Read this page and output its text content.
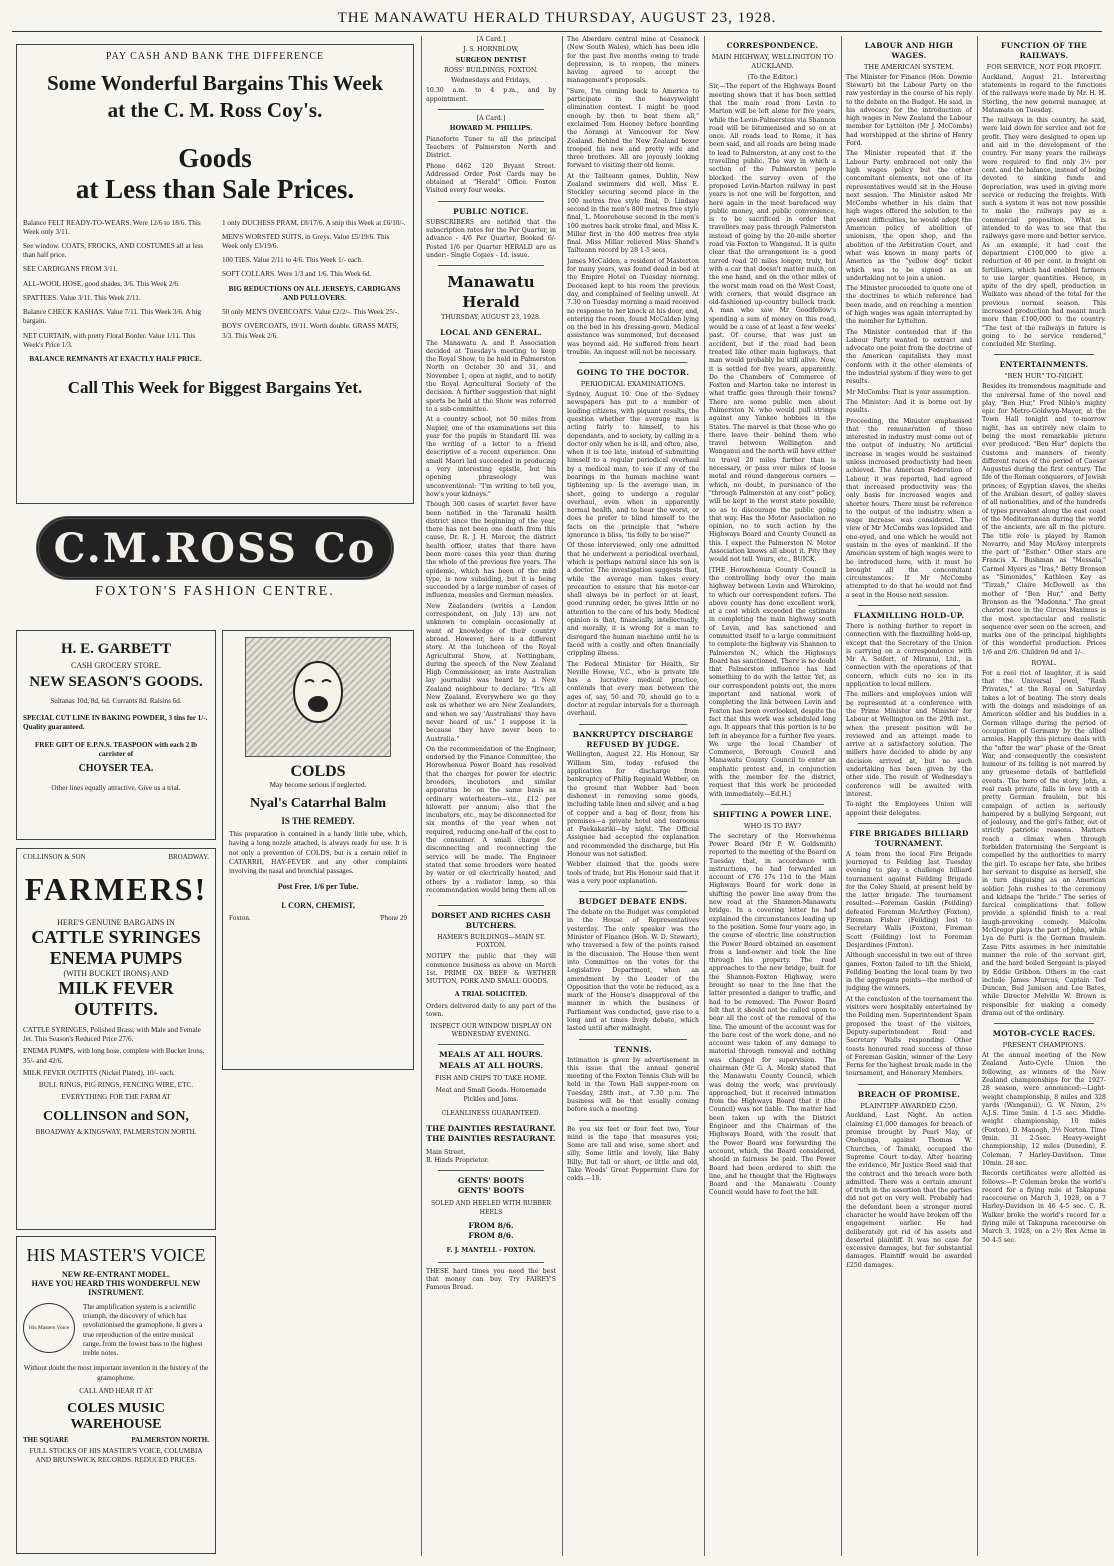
THE MANAWATU HERALD THURSDAY, AUGUST 23, 1928.
PAY CASH AND BANK THE DIFFERENCE
Some Wonderful Bargains This Week at the C. M. Ross Coy's.
Goods
at Less than Sale Prices.

Balance FELT READY-TO-WEARS. Were 12/6 to 18/6. This Week only 3/11.

See window. COATS, FROCKS, AND COSTUMES all at less than half price.

SEE CARDIGANS FROM 3/11.

ALL-WOOL HOSE, good shades, 3/6. This Week 2/6.

SPATTEES. Value 3/11. This Week 2/11.

Balance CHECK KASHAS. Value 7/11. This Week 3/6. A big bargain.

NET CURTAIN, with pretty Floral Border. Value 1/11. This Week's Price 1/3.

BALANCE REMNANTS AT EXACTLY HALF PRICE.

1 only DUCHESS PRAM, £8/17/6. A snip this Week at £6/10/-.

MEN'S WORSTED SUITS, in Greys. Value £5/19/6. This Week only £3/19/6.

100 TIES. Value 2/11 to 4/6. This Week 1/- each.

SOFT COLLARS. Were 1/3 and 1/6. This Week 6d.

BIG REDUCTIONS ON ALL JERSEYS, CARDIGANS AND PULLOVERS.

50 only MEN'S OVERCOATS. Value £2/2/-. This Week 25/-.

BOYS' OVERCOATS, 19/11. Worth double. GRASS MATS, 3/3. This Week 2/6.

Call This Week for Biggest Bargains Yet.
C.M.ROSS Co
FOXTON'S FASHION CENTRE.
H. E. GARBETT
CASH GROCERY STORE.
NEW SEASON'S GOODS.

Sultanas 10d, 8d, 6d. Currants 8d. Raisins 6d.

SPECIAL CUT LINE IN BAKING POWDER, 3 tins for 1/-. Quality guaranteed.

FREE GIFT OF E.P.N.S. TEASPOON with each 2 lb carrister of

CHOYSER TEA.

Other lines equally attractive. Give us a trial.

COLDS
May become serious if neglected.
Nyal's Catarrhal Balm
IS THE REMEDY.

This preparation is contained in a handy little tube, which, having a long nozzle attached, is always ready for use. It is not only a prevention of COLDS, but is a certain relief in CATARRH, HAY-FEVER and any other complaints involving the nasal and bronchial passages.

Post Free. 1/6 per Tube.
I. CORN, CHEMIST,
Foxton.	'Phone 29
COLLINSON & SON	BROADWAY.
FARMERS!
HERE'S GENUINE BARGAINS IN
CATTLE SYRINGES
ENEMA PUMPS
(WITH BUCKET IRONS) AND
MILK FEVER OUTFITS.

CATTLE SYRINGES, Polished Brass, with Male and Female Jet. This Season's Reduced Price 27/6.

ENEMA PUMPS, with long hose, complete with Bucket Irons, 35/- and 42/6.

MILK FEVER OUTFITS (Nickel Plated), 10/- each.

BULL RINGS, PIG RINGS, FENCING WIRE, ETC.

EVERYTHING FOR THE FARM AT

COLLINSON and SON,
BROADWAY & KINGSWAY, PALMERSTON NORTH.
HIS MASTER'S VOICE
NEW RE-ENTRANT MODEL.
HAVE YOU HEARD THIS WONDERFUL NEW INSTRUMENT.
His Masters Voice

The amplification system is a scientific triumph, the discovery of which has revolutionised the gramophone. It gives a true reproduction of the entire musical range, from the lowest bass to the highest treble notes.

Without doubt the most important invention in the history of the gramophone.

CALL AND HEAR IT AT
COLES MUSIC WAREHOUSE
THE SQUARE	PALMERSTON NORTH.

FULL STOCKS OF HIS MASTER'S VOICE, COLUMBIA AND BRUNSWICK RECORDS. REDUCED PRICES.

[A Card.]

J. S. HORNBLOW,

SURGEON DENTIST

ROSS' BUILDINGS, FOXTON.

Wednesdays and Fridays,

10.30 a.m. to 4 p.m., and by appointment.

[A Card.]

HOWARD M. PHILLIPS.

Pianoforte Tuner to all the principal Teachers of Palmerston North and District.

Phone 6462 120 Bryant Street. Addressed Order Post Cards may be obtained at "Herald" Office. Foxton Visited every four weeks.

PUBLIC NOTICE.

SUBSCRIBERS are notified that the subscription rates for the Per Quarter, in advance - 4/6 Per Quarter, Booked 6/- Posted 1/6 per Quarter HERALD are as under:- Single Copies - 1d. issue.

Manawatu Herald

THURSDAY, AUGUST 23, 1928.

LOCAL AND GENERAL.

The Manawatu A. and P. Association decided at Tuesday's meeting to keep the Royal Show, to be held in Palmerston North on October 30 and 31, and November 1, open at night, and to notify the Royal Agricultural Society of the decision. A further suggestion that night sports be held at the Show was referred to a sub-committee.

At a country school, not 50 miles from Napier, one of the examinations set this year for the pupils in Standard III. was the writing of a letter to a friend descriptive of a recent experience. One small Maori lad succeeded in producing a very interesting epistle, but his opening phraseology was unconventional: "I'm writing to tell you, how's your kidneys."

Though 300 cases of scarlet fever have been notified in the Taranaki health district since the beginning of the year, there has not been one death from this cause, Dr. R. J. H. Mercer, the district health officer, states that there have been more cases this year than during the whole of the previous five years. The epidemic, which has been of the mild type, is now subsiding, but it is being succeeded by a large number of cases of influenza, measles and German measles.

New Zealanders (writes a London correspondent, on July 13) are not unknown to complain occasionally at want of knowledge of their country abroad. However, here is a different story. At the luncheon of the Royal Agricultural Show, at Nottingham, during the speech of the New Zealand High Commissioner, an irate Australian lay journalist was heard by a New Zealand neighbour to declare: "It's all New Zealand. Everywhere we go they ask us whether we are New Zealanders, and when we say 'Australians' they have never heard of us." I suppose it is because they have never been to Australia."

On the recommendation of the Engineer, endorsed by the Finance Committee, the Horowhenua Power Board has resolved that the charges for power for electric brooders, incubators and similar apparatus be on the same basis as ordinary waterheaters—viz., £12 per kilowatt per annum; also that the incubators, etc., may be disconnected for six months of the year when not required, reducing one-half of the cost to the consumer. A small charge for disconnecting and reconnecting the service will be made. The Engineer stated that some brooders were heated by water or oil electrically heated, and others by a radiator lamp, so this recommendation would bring them all on

DORSET AND RICHES CASH BUTCHERS.
HAMER'S BUILDINGS—MAIN ST. FOXTON.

NOTIFY the public that they will commence business as above on March 1st. PRIME OX BEEF & WETHER MUTTON, PORK AND SMALL GOODS.

A TRIAL SOLICITED.

Orders delivered daily to any part of the town.

INSPECT OUR WINDOW DISPLAY ON WEDNESDAY EVENING.
MEALS AT ALL HOURS.
MEALS AT ALL HOURS.
FISH AND CHIPS TO TAKE HOME.
Meat and Small Goods. Homemade Pickles and Jams.
CLEANLINESS GUARANTEED.
THE DAINTIES RESTAURANT.
THE DAINTIES RESTAURANT.
Main Street.
B. Hinds Proprietor.
GENTS' BOOTS
GENTS' BOOTS
SOLED AND HEELED WITH RUBBER HEELS
FROM 8/6.
FROM 8/6.
F. J. MANTELL - FOXTON.

THESE hard times you need the best that money can buy. Try FAIREY'S Famous Bread.

The Aberdare central mine at Cessnock (New South Wales), which has been idle for the past five months owing to trade depression, is to reopen, the miners having agreed to accept the management's proposals.

"Sure, I'm coming back to America to participate in the heavyweight elimination contest. I might be good enough by then to beat them all," exclaimed Tom Heeney before boarding the Aorangi at Vancouver for New Zealand. Behind the New Zealand boxer trooped his new and pretty wife and three brothers. All are joyously looking forward to visiting their old home.

At the Tailteann games, Dublin, New Zealand swimmers did well. Miss E. Stockley securing second place in the 100 metres free style final, D. Lindsay second in the men's 800 metres free style final, L. Moorehouse second in the men's 100 metres back stroke final, and Miss K. Millar first in the 400 metres free style final. Miss Millar relieved Miss Shand's Tailteann record by 28 1-5 secs.

James McCalden, a resident of Masterton for many years, was found dead in bed at the Empire Hotel on Tuesday morning. Deceased kept to his room the previous day, and complained of feeling unwell. At 7.30 on Tuesday morning a maid received no response to her knock at his door, and, entering the room, found McCalden lying on the bed in his dressing-gown. Medical assistance was summoned, but deceased was beyond aid. He suffered from heart trouble. An inquest will not be necessary.

GOING TO THE DOCTOR.
PERIODICAL EXAMINATIONS.

Sydney, August 10. One of the Sydney newspapers has put to a number of leading citizens, with piquant results, the question whether the average man is acting fairly to himself, to his dependants, and to society, by calling in a doctor only when he is ill, and often, also, when it is too late, instead of submitting himself to a regular periodical overhaul by a medical man, to see if any of the bearings in the human machine want tightening up. Is the average man, in short, going to undergo a regular overhaul, even when in apparently normal health, and to hear the worst, or does he prefer to blind himself to the facts on the principle that "where ignorance is bliss, 'tis folly to be wise?"

Of those interviewed, only one admitted that he underwent a periodical overhaul, which is perhaps natural since his son is a doctor. The investigation suggests that, while the average man takes every precaution to ensure that his motor-car shall always be in perfect or at least, good running order, he gives little or no attention to the care of his body. Medical opinion is that, financially, intellectually, and morally, it is wrong for a man to disregard the human machine until he is faced with a costly and often financially crippling illness.

The Federal Minister for Health, Sir Neville Howse, V.C., who is private life has a lucrative medical practice, contends that every man between the ages of, say, 50 and 70, should go to a doctor at regular intervals for a thorough overhaul.

BANKRUPTCY DISCHARGE REFUSED BY JUDGE.

Wellington, August 22. His Honour, Sir William Sim, today refused the application for discharge from bankruptcy of Philip Reginald Webber, on the ground that Webber had been dishonest in removing some goods, including table linen and silver, and a bag of copper and a bag of flour, from his premises—a private hotel and tearooms at Paekakariki—by night. The Official Assignee had accepted the explanation and recommended the discharge, but His Honour was not satisfied.

Webber claimed that the goods were tools of trade, but His Honour said that it was a very poor explanation.

BUDGET DEBATE ENDS.

The debate on the Budget was completed in the House of Representatives yesterday. The only speaker was the Minister of Finance (Hon. W. D. Stewart), who traversed a few of the points raised in the discussion. The House then went into Committee on the votes for the Legislative Department, when an amendment by the Leader of the Opposition that the vote be reduced, as a mark of the House's disapproval of the manner in which the business of Parliament was conducted, gave rise to a long and at times lively debate, which lasted until after midnight.

TENNIS.

Intimation is given by advertisement in this issue that the annual general meeting of the Foxton Tennis Club will be held in the Town Hall supper-room on Tuesday, 28th inst., at 7.30 p.m. The business will be that usually coming before such a meeting.

Be you six feet or four feet two, Your mind is the tape that measures you; Some are tall and wise, some short and silly, Some little and lovely, like Baby Billy; But tall or short, or little and old, Take Woods' Great Peppermint Cure for colds.—18.

CORRESPONDENCE.
MAIN HIGHWAY, WELLINGTON TO AUCKLAND.
(To the Editor.)

Sir,—The report of the Highways Board meeting shows that it has been settled that the main road from Levin to Marton will be left alone for five years, while the Levin-Palmerston via Shannon road will be bitumenised and so on at once. All roads lead to Rome, it has been said, and all roads are being made to lead to Palmerston, at any cost to the travelling public. The way in which a section of the Palmerston people blocked the survey even of the proposed Levin-Marton railway in past years is not one will be forgotten, and here again in the most barefaced way public money, and public convenience, is to be sacrificed in order that travellers may pass through Palmerston instead of going by the 20-mile shorter road via Foxton to Wanganui. It is quite clear that the arrangement is: a good tarred road 20 miles longer, truly, but with a car that doesn't matter much, on the one hand, and on the other miles of the worst main road on the West Coast, with corners, that would disgrace an old-fashioned up-country bullock track. A man who saw Mr Goodfellow's spending a sum of money on this road, would be a case of at least a few weeks' past. Of course, that was just an accident, but if the road had been treated like other main highways, that man would probably be still alive. Now, it is settled for five years, apparently. Do the Chambers of Commerce of Foxton and Marton take no interest in what traffic goes through their towns? There are some public men about Palmerston N. who would pull strings against any Yankee hobbies in the States. The marvel is that those who go there leave their behind them who travel between Wellington and Wanganui and the north will have either to travel 20 miles further than is necessary, or pass over miles of loose metal and round dangerous corners —which, no doubt, in pursuance of the "through Palmerston at any cost" policy, will be kept in the worst state possible, so as to discourage the public going that way. Has the Motor Association no opinion, no to such action by the Highways Board and County Council as this. I expect the Palmerston N. Motor Association knows all about it. Pity they would not tell. Yours, etc., BUICK.

[THE Horowhenua County Council is the controlling body over the main highway between Levin and Whirokino, to which our correspondent refers. The above county has done excellent work, at a cost which exceeded the estimate in completing the main highway south of Levin, and has sanctioned and committed itself to a large commitment to complete the highway via Shannon to Palmerston N., which the Highways Board has sanctioned. There is no doubt that Palmerston influence has had something to do with the latter. Yet, as our correspondent points out, the more important and national work of completing the link between Levin and Foxton has been overlooked, despite the fact that this work was scheduled long ago. It appears that this portion is to be left in abeyance for a further five years. We urge the local Chamber of Commerce, Borough Council and Manawatu County Council to enter an emphatic protest and, in conjunction with the member for the district, request that this work be proceeded with immediately.—Ed.H.]

SHIFTING A POWER LINE.
WHO IS TO PAY?

The secretary of the Horowhenua Power Board (Mr P. W. Goldsmith) reported to the meeting of the Board on Tuesday that, in accordance with instructions, he had forwarded an account of £76 17s 11d to the Main Highways Board for work done in shifting the power line away from the new road at the Shannon-Manawatu bridge. In a covering letter he had explained the circumstances leading up to the position. Some four years ago, in the course of electric line construction the Power Board obtained an easement from a land-owner and took the line through his property. The road approaches to the new bridge, built for the Shannon-Foxton Highway, were brought so near to the line that the latter presented a danger to traffic, and had to be removed. The Power Board felt that it should not be called upon to bear all the cost of the removal of the line. The amount of the account was for the bare cost of the work done, and no account was taken of any damage to material through removal and nothing was charged for supervision. The chairman (Mr G. A. Monk) stated that the Manawatu County Council, which was doing the work, was previously approached, but it received intimation from the Highways Board that it (the Council) was not liable. The matter had been taken up with the District Engineer and the Chairman of the Highways Board, with the result that the Power Board was forwarding the account, which, the Board considered, should in fairness be paid. The Power Board had been ordered to shift the line, and he thought that the Highways Board and the Manawatu County Council would have to foot the bill.

LABOUR AND HIGH WAGES.
THE AMERICAN SYSTEM.

The Minister for Finance (Hon. Downie Stewart) bit the Labour Party on the raw yesterday in the course of his reply to the debate on the Budget. He said, in his advocacy for the introduction of high wages in New Zealand the Labour member for Lyttelton (Mr J. McCombs) had worshipped at the shrine of Henry Ford.

The Minister repeated that if the Labour Party embraced not only the high wages policy but the other concomitant elements, not one of its representatives would sit in the House next session. The Minister asked Mr McCombs whether in his claim that high wages offered the solution to the present difficulties, he would adopt the American policy of abolition of unionism, the open shop, and the abolition of the Arbitration Court, and what was known in many parts of America as the "yellow dog" ticket which was to be signed as an undertaking not to join a union.

The Minister proceeded to quote one of the doctrines to which reference had been made, and on reaching a mention of high wages was again interrupted by the member for Lyttelton.

The Minister contended that if the Labour Party wanted to extract and advocate one point from the doctrine of the American capitalists they must conform with it the other elements of the industrial system if they were to get results.

Mr McCombs: That is your assumption.

The Minister: And it is borne out by results.

Proceeding, the Minister emphasised that the remuneration of those interested in industry must come out of the output of industry. No artificial increase in wages would be sustained unless increased productivity had been achieved. The American Federation of Labour, it was reported, had agreed that increased productivity was the only basis for increased wages and shorter hours. There must be reference to the output of the industry when a wage increase was considered. The view of Mr McCombs was lopsided and one-eyed, and one which he would not sustain in the eyes of mankind. If the American system of high wages were to be introduced here, with it must be brought all the concomitant circumstances. If Mr McCombs attempted to do that he would not find a seat in the House next session.

FLAXMILLING HOLD-UP.

There is nothing further to report in connection with the flaxmilling hold-up, except that the Secretary of the Union is carrying on a correspondence with Mr A. Seifert, of Miranui, Ltd., in connection with the operations of that concern, which cuts no ice in its application to local millers.

The millers and employees union will be represented at a conference with the Prime Minister and Minister for Labour at Wellington on the 29th inst., when the present position will be reviewed and an attempt made to arrive at a satisfactory solution. The millers have decided to abide by any decision arrived at, but no such undertaking has been given by the other side. The result of Wednesday's conference will be awaited with interest.

To-night the Employees Union will appoint their delegates.

FIRE BRIGADES BILLIARD TOURNAMENT.

A team from the local Fire Brigade journeyed to Feilding last Tuesday evening to play a challenge billiard tournament against Feilding Brigade for the Coley Shield, at present held by the latter brigade. The tournament resulted:—Foreman Gaskin (Feilding) defeated Foreman McArthey (Foxton), Fireman Fisher (Feilding) lost to Secretary Walls (Foxton), Fireman Scott (Feilding) lost to Foreman Desjardines (Foxton).

Although successful in two out of three games, Foxton failed to lift the Shield, Feilding beating the local team by two in the aggregate points—the method of judging the winners.

At the conclusion of the tournament the visitors were hospitably entertained by the Feilding men. Superintendent Spain proposed the toast of the visitors, Deputy-superintendent Reid and Secretary Walls responding. Other toasts honoured read success of those of Foreman Gaskin, winner of the Levy Ferns for the highest break made in the tournament, and Honorary Members.

BREACH OF PROMISE.
PLAINTIFF AWARDED £250.

Auckland, Last Night. An action claiming £1,000 damages for breach of promise brought by Pearl May, of Onehunga, against Thomas W. Churches, of Tamaki, occupied the Supreme Court to-day. After hearing the evidence, Mr Justice Reed said that the contract and the breach were both admitted. There was a certain amount of truth in the assertion that the parties did not get on very well. Probably had the defendant been a stronger moral character he would have broken off the engagement earlier. He had deliberately got rid of his assets and deserted plaintiff. It was no case for excessive damages, but for substantial damages. Plaintiff would be awarded £250 damages.

FUNCTION OF THE RAILWAYS.
FOR SERVICE, NOT FOR PROFIT.

Auckland, August 21. Interesting statements in regard to the functions of the railways were made by Mr. H. H. Sterling, the new general manager, at Matamata on Tuesday.

The railways in this country, he said, were laid down for service and not for profit. They were designed to open up and aid in the development of the country. For many years the railways were required to find only 3½ per cent. and the balance, instead of being devoted to sinking funds and depreciation, was used in giving more service or reducing the freights. With such a system it was not now possible to make the railways pay as a commercial proposition. What is intended to do was to see that the railways gave more and better service. As an example, it had cost the department £100,000 to give a reduction of 40 per cent. in freight on fertilisers, which had enabled farmers to use larger quantities. Hence, in spite of the dry spell, production in Waikato was ahead of the total for the previous normal season. This increased production had meant much more than £100,000 to the country. "The test of the railways in future is going to be service rendered," concluded Mr. Sterling.

ENTERTAINMENTS.
"BEN HUR" TO-NIGHT.

Besides its tremendous magnitude and the universal fame of the novel and play, "Ben Hur," Fred Niblo's mighty epic for Metro-Goldwyn-Mayer, at the Town Hall tonight and to-morrow night, has an entirely new claim to being the most remarkable picture ever produced. "Ben Hur" depicts the customs and manners of twenty different races of the period of Caesar Augustus during the first century. The life of the Roman conquerors, of Jewish princes, of Egyptian slaves, the sheiks of the Arabian desert, of galley slaves of all nationalities, and of the hundreds of types prevalent along the east coast of the Mediterranean during the world of the ancients, are all in the picture. The title role is played by Ramon Novarro, and May McAvoy interprets the part of "Esther." Other stars are Francis X. Bushman as "Messala," Carmel Myers as "Iras," Betty Bronson as "Simonides," Kathleen Key as "Tirzah," Claire McDowell as the mother of "Ben Hur," and Betty Bronson as the "Madonna." The great chariot race in the Circus Maximus is the most spectacular and realistic sequence ever seen on the screen, and marks one of the principal highlights of this wonderful production. Prices 1/6 and 2/6. Children 9d and 1/-.

ROYAL.

For a reel riot of laughter, it is said that the Universal Jewel, "Rash Privates," at the Royal on Saturday takes a lot of beating. The story deals with the doings and misdoings of an American soldier and his buddies in a German village during the period of occupation of Germany by the allied armies. Happily this picture deals with the "after the war" phase of the Great War, and consequently the consistent humour of its telling is not marred by any gruesome details of battlefield events. The hero of the story, John, a real rash private, falls in love with a pretty German fraulein, but his campaign of action is seriously hampered by a bullying Sergeant, out of jealousy, and the girl's father, out of strictly patriotic reasons. Matters reach a climax when through forbidden fraternising the Sergeant is compelled by the authorities to marry the girl. To escape her fate, she bribes her servant to disguise as herself, she in turn disguising as an American soldier. John rushes to the ceremony and kidnaps the "bride." The series of farcical complications that follow provide a splendid finish to a real laugh-provoking comedy. Malcolm McGregor plays the part of John, while Lya de Putti is the German fraulein. Zasu Pitts assumes in her inimitable manner the role of the servant girl, and the hard boiled Sergeant is played by Eddie Gribbon. Others in the cast include James Marcus, Captain Ted Duncan, Bud Jamison and Lee Bates, while Director Melville W. Brown is responsible for making a comedy drama out of the ordinary.

MOTOR-CYCLE RACES.
PRESENT CHAMPIONS.

At the annual meeting of the New Zealand Auto-Cycle Union the following, as winners of the New Zealand championships for the 1927-28 season, were announced:—Light-weight championship, 8 miles and 328 yards (Wanganui), G. W. Nixon, 2½ A.J.S. Time 5min. 4 1-5 sec. Middle-weight championship, 10 miles (Foxton), D. Manogh, 3½ Norton. Time 9min. 31 2-5sec. Heavy-weight championship, 12 miles (Dunedin), F. Coleman, 7 Harley-Davidson. Time 10min. 28 sec.

Records certificates were allotted as follows:—P. Coleman broke the world's record for a flying mile at Takapuna racecourse on March 3, 1928, on a 7 Harley-Davidson in 46 4-5 sec. C. R. Walker broke the world's record for a flying mile at Takapuna racecourse on March 3, 1928, on a 2½ Rex Acme in 50 4-5 sec.
